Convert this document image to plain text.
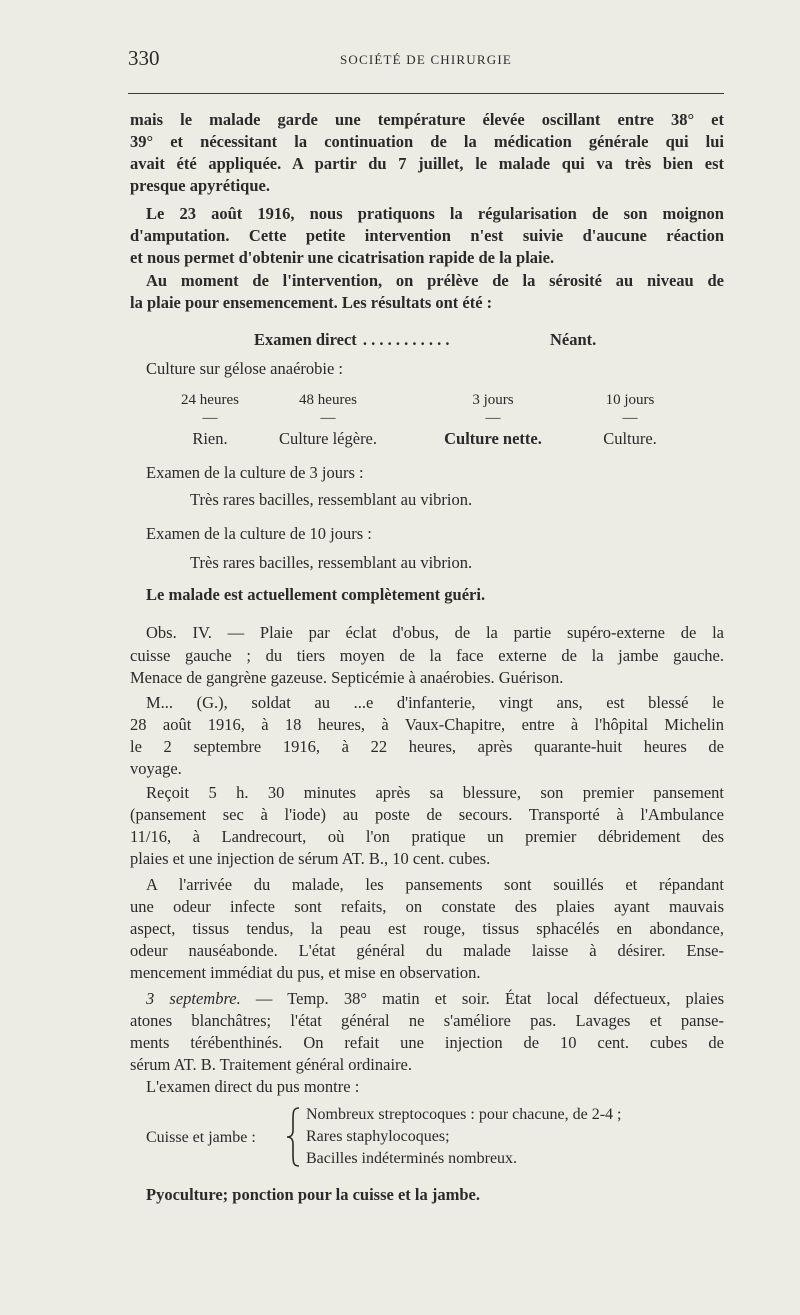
330	SOCIÉTÉ DE CHIRURGIE
mais le malade garde une température élevée oscillant entre 38° et
39° et nécessitant la continuation de la médication générale qui lui
avait été appliquée. A partir du 7 juillet, le malade qui va très bien est
presque apyrétique.
Le 23 août 1916, nous pratiquons la régularisation de son moignon
d'amputation. Cette petite intervention n'est suivie d'aucune réaction
et nous permet d'obtenir une cicatrisation rapide de la plaie.
Au moment de l'intervention, on prélève de la sérosité au niveau de
la plaie pour ensemencement. Les résultats ont été :
Examen direct . . . . . . . . . . .	Néant.
Culture sur gélose anaérobie :
24 heures	48 heures	3 jours	10 jours
—	—	—	—
Rien.	Culture légère.	Culture nette.	Culture.
Examen de la culture de 3 jours :
Très rares bacilles, ressemblant au vibrion.
Examen de la culture de 10 jours :
Très rares bacilles, ressemblant au vibrion.
Le malade est actuellement complètement guéri.
Obs. IV. — Plaie par éclat d'obus, de la partie supéro-externe de la
cuisse gauche ; du tiers moyen de la face externe de la jambe gauche.
Menace de gangrène gazeuse. Septicémie à anaérobies. Guérison.
M... (G.), soldat au ...e d'infanterie, vingt ans, est blessé le
28 août 1916, à 18 heures, à Vaux-Chapitre, entre à l'hôpital Michelin
le 2 septembre 1916, à 22 heures, après quarante-huit heures de
voyage.
Reçoit 5 h. 30 minutes après sa blessure, son premier pansement
(pansement sec à l'iode) au poste de secours. Transporté à l'Ambulance
11/16, à Landrecourt, où l'on pratique un premier débridement des
plaies et une injection de sérum AT. B., 10 cent. cubes.
A l'arrivée du malade, les pansements sont souillés et répandant
une odeur infecte sont refaits, on constate des plaies ayant mauvais
aspect, tissus tendus, la peau est rouge, tissus sphacélés en abondance,
odeur nauséabonde. L'état général du malade laisse à désirer. Ense-
mencement immédiat du pus, et mise en observation.
3 septembre. — Temp. 38° matin et soir. État local défectueux, plaies
atones blanchâtres; l'état général ne s'améliore pas. Lavages et panse-
ments térébenthinés. On refait une injection de 10 cent. cubes de
sérum AT. B. Traitement général ordinaire.
L'examen direct du pus montre :
Cuisse et jambe :
Nombreux streptocoques : pour chacune, de 2-4 ;
Rares staphylocoques;
Bacilles indéterminés nombreux.
Pyoculture; ponction pour la cuisse et la jambe.
